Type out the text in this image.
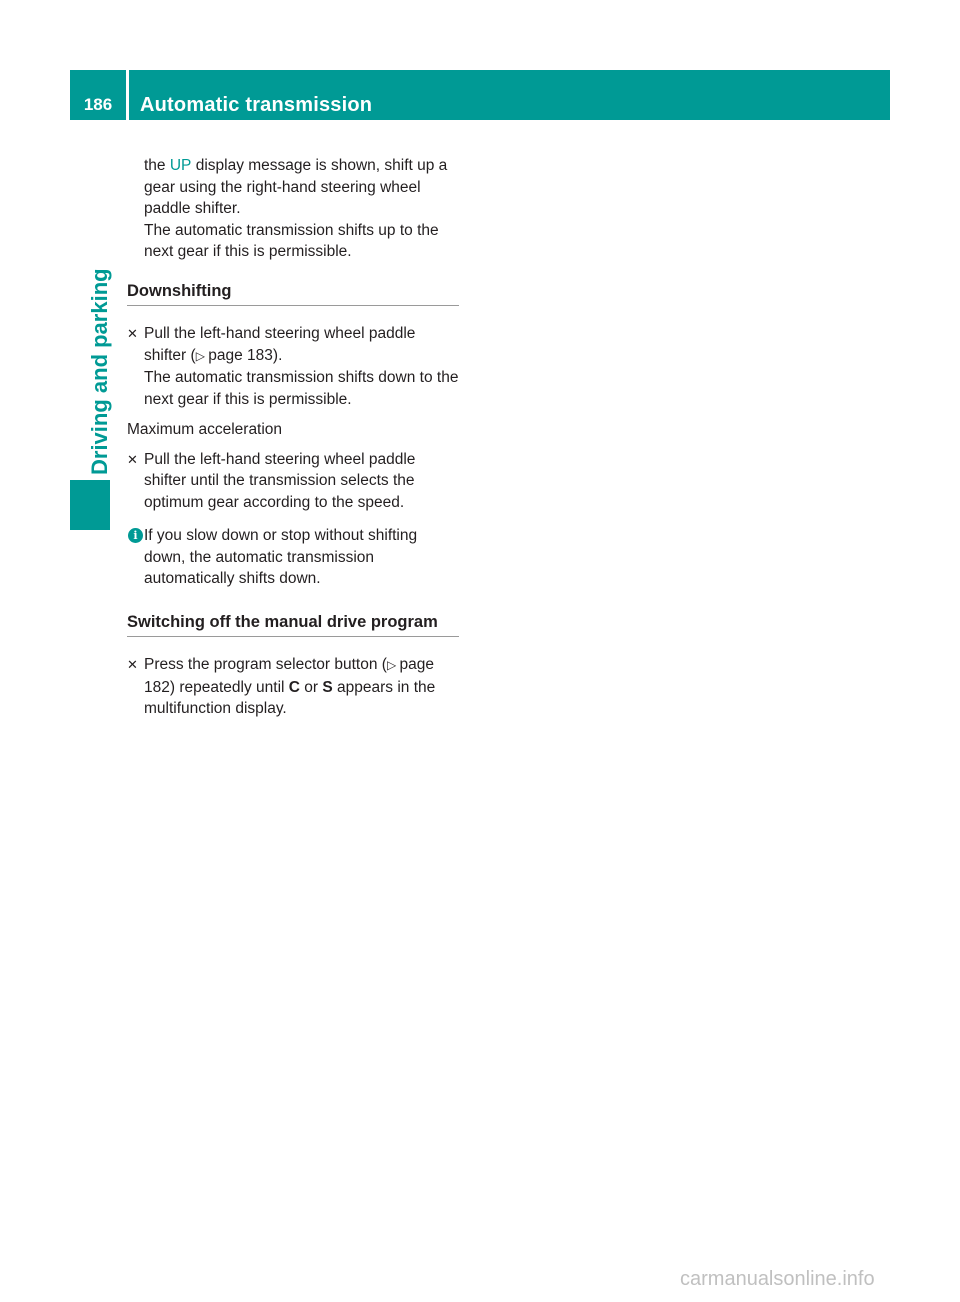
186	Automatic transmission
Driving and parking

the UP display message is shown, shift up a gear using the right-hand steering wheel paddle shifter.

The automatic transmission shifts up to the next gear if this is permissible.

Downshifting
✕ Pull the left-hand steering wheel paddle shifter (▷ page 183).

The automatic transmission shifts down to the next gear if this is permissible.

Maximum acceleration

✕ Pull the left-hand steering wheel paddle shifter until the transmission selects the optimum gear according to the speed.

i If you slow down or stop without shifting down, the automatic transmission automatically shifts down.

Switching off the manual drive program
✕ Press the program selector button (▷ page 182) repeatedly until C or S appears in the multifunction display.

carmanualsonline.info
